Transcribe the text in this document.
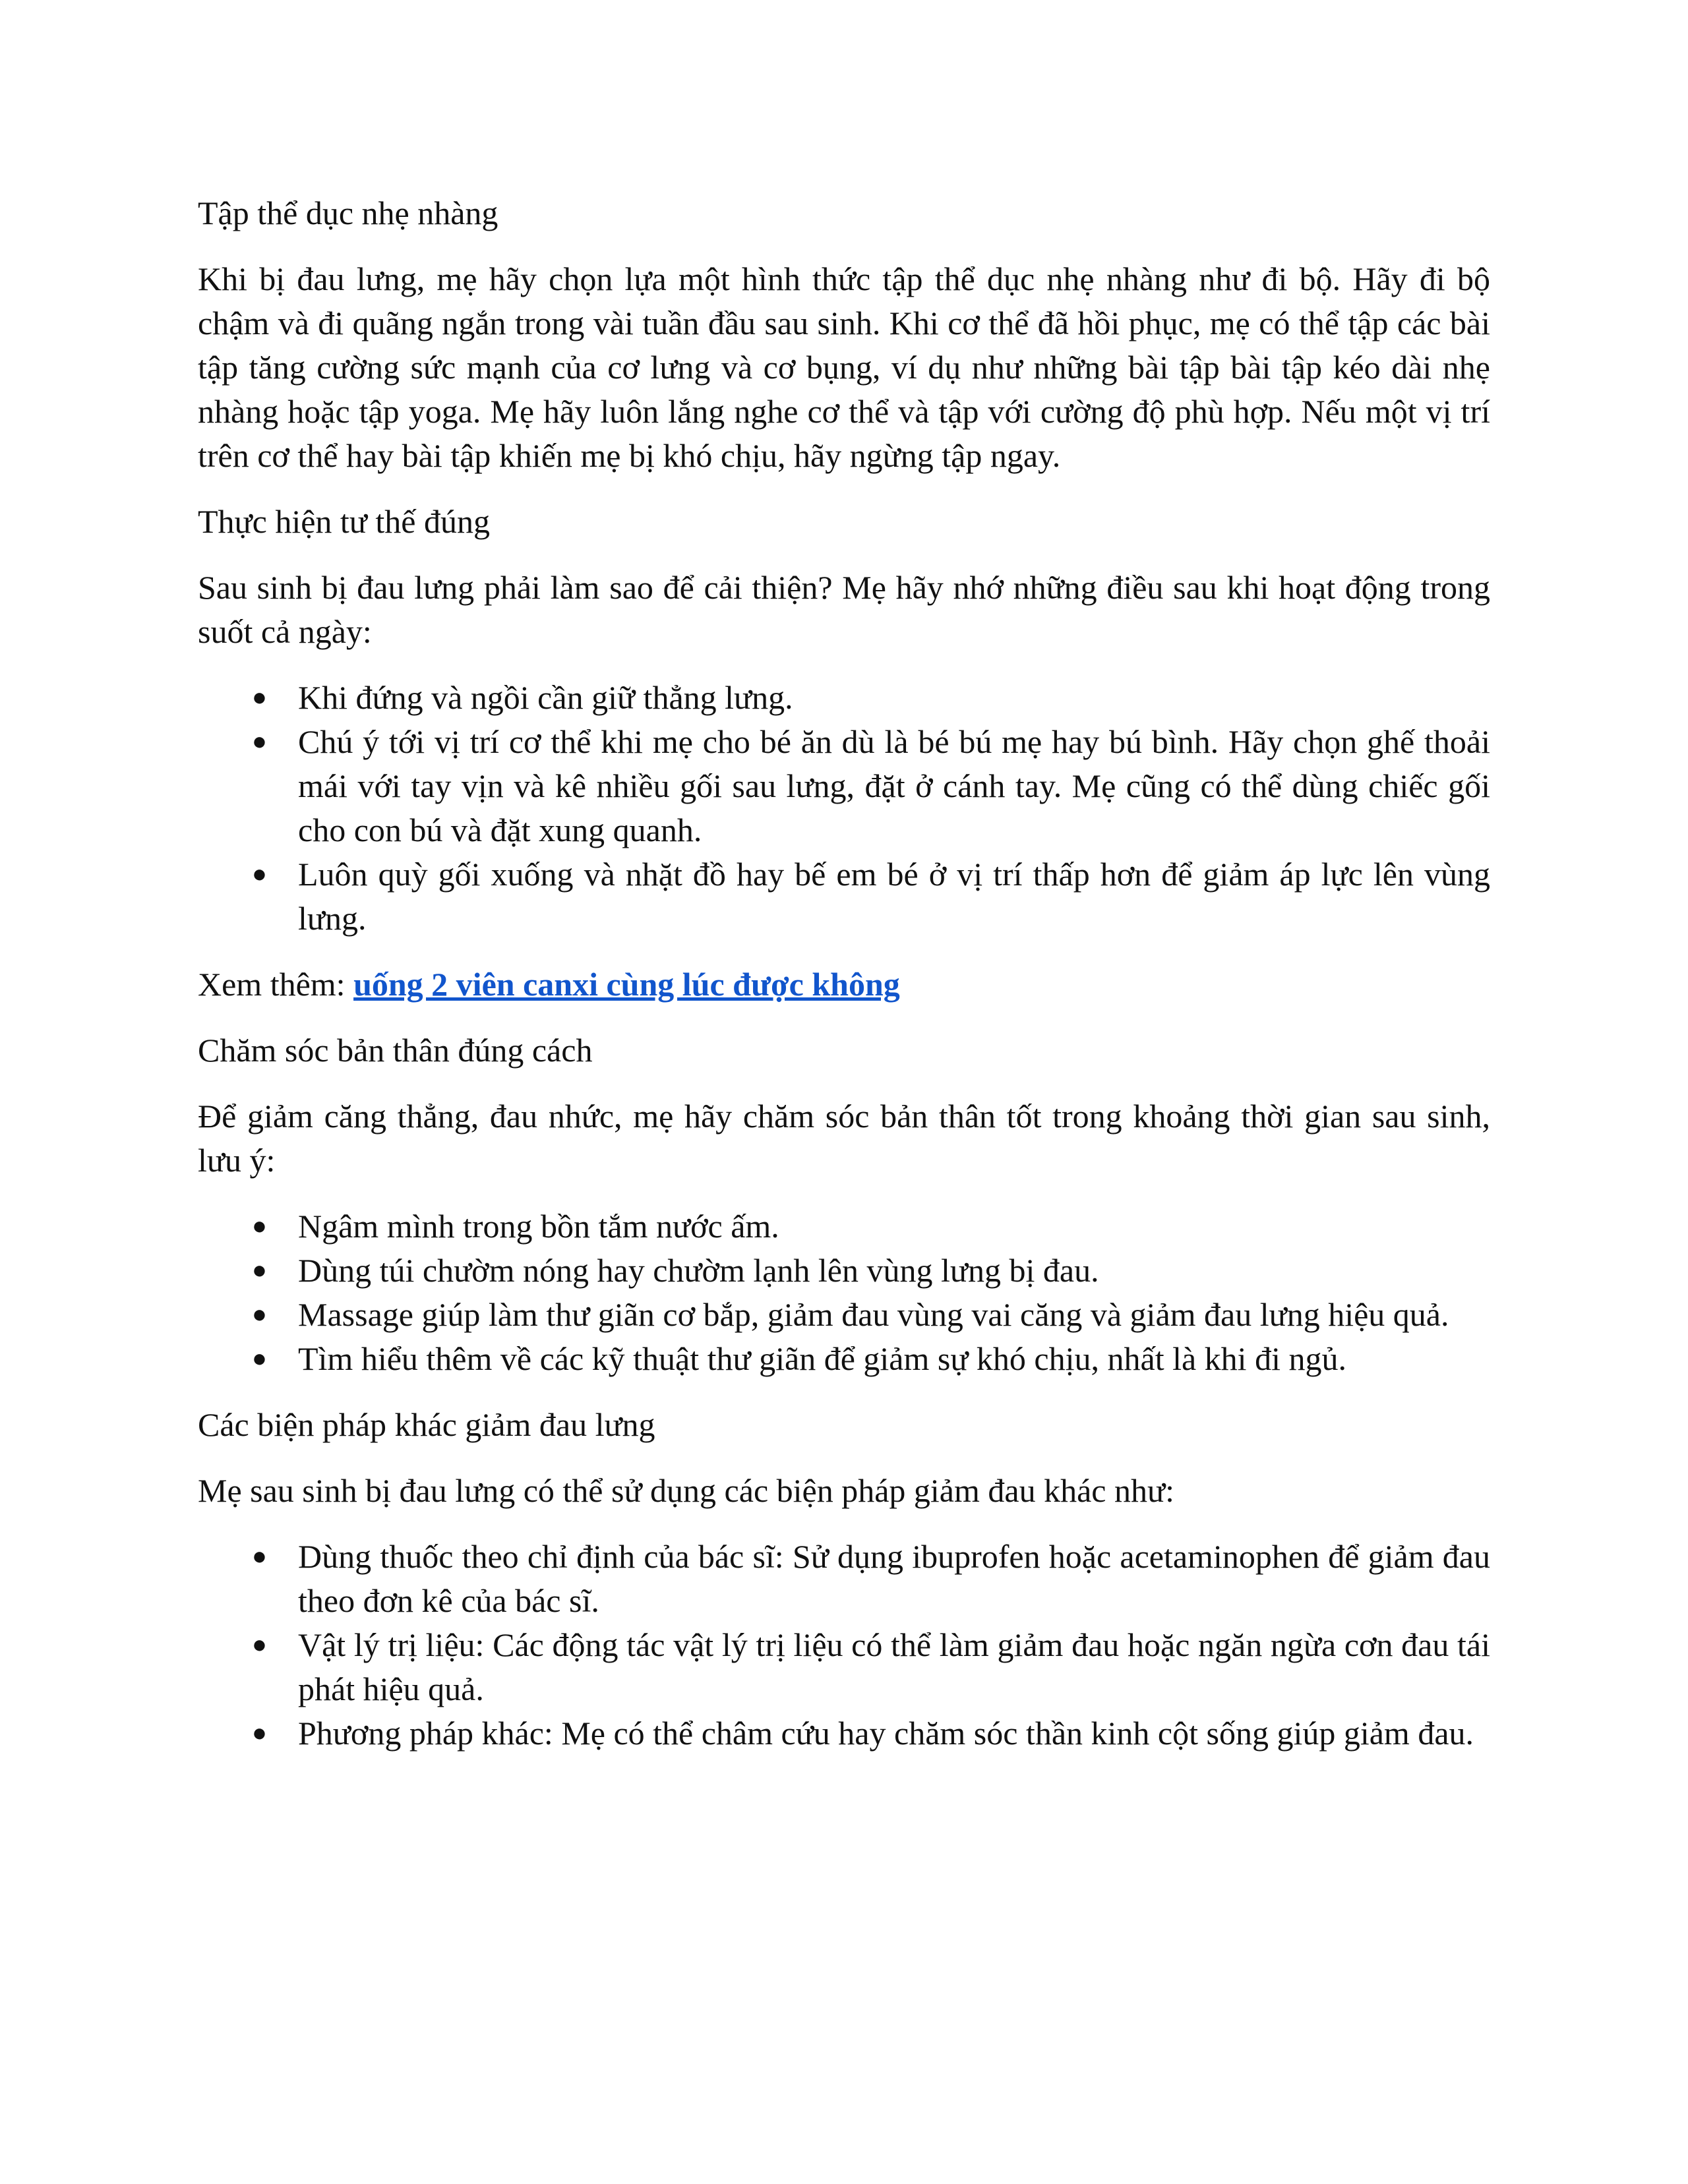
Tập thể dục nhẹ nhàng

Khi bị đau lưng, mẹ hãy chọn lựa một hình thức tập thể dục nhẹ nhàng như đi bộ. Hãy đi bộ chậm và đi quãng ngắn trong vài tuần đầu sau sinh. Khi cơ thể đã hồi phục, mẹ có thể tập các bài tập tăng cường sức mạnh của cơ lưng và cơ bụng, ví dụ như những bài tập bài tập kéo dài nhẹ nhàng hoặc tập yoga. Mẹ hãy luôn lắng nghe cơ thể và tập với cường độ phù hợp. Nếu một vị trí trên cơ thể hay bài tập khiến mẹ bị khó chịu, hãy ngừng tập ngay.

Thực hiện tư thế đúng

Sau sinh bị đau lưng phải làm sao để cải thiện? Mẹ hãy nhớ những điều sau khi hoạt động trong suốt cả ngày:

● Khi đứng và ngồi cần giữ thẳng lưng.
● Chú ý tới vị trí cơ thể khi mẹ cho bé ăn dù là bé bú mẹ hay bú bình. Hãy chọn ghế thoải mái với tay vịn và kê nhiều gối sau lưng, đặt ở cánh tay. Mẹ cũng có thể dùng chiếc gối cho con bú và đặt xung quanh.
● Luôn quỳ gối xuống và nhặt đồ hay bế em bé ở vị trí thấp hơn để giảm áp lực lên vùng lưng.

Xem thêm: uống 2 viên canxi cùng lúc được không

Chăm sóc bản thân đúng cách

Để giảm căng thẳng, đau nhức, mẹ hãy chăm sóc bản thân tốt trong khoảng thời gian sau sinh, lưu ý:

● Ngâm mình trong bồn tắm nước ấm.
● Dùng túi chườm nóng hay chườm lạnh lên vùng lưng bị đau.
● Massage giúp làm thư giãn cơ bắp, giảm đau vùng vai căng và giảm đau lưng hiệu quả.
● Tìm hiểu thêm về các kỹ thuật thư giãn để giảm sự khó chịu, nhất là khi đi ngủ.

Các biện pháp khác giảm đau lưng

Mẹ sau sinh bị đau lưng có thể sử dụng các biện pháp giảm đau khác như:

● Dùng thuốc theo chỉ định của bác sĩ: Sử dụng ibuprofen hoặc acetaminophen để giảm đau theo đơn kê của bác sĩ.
● Vật lý trị liệu: Các động tác vật lý trị liệu có thể làm giảm đau hoặc ngăn ngừa cơn đau tái phát hiệu quả.
● Phương pháp khác: Mẹ có thể châm cứu hay chăm sóc thần kinh cột sống giúp giảm đau.
